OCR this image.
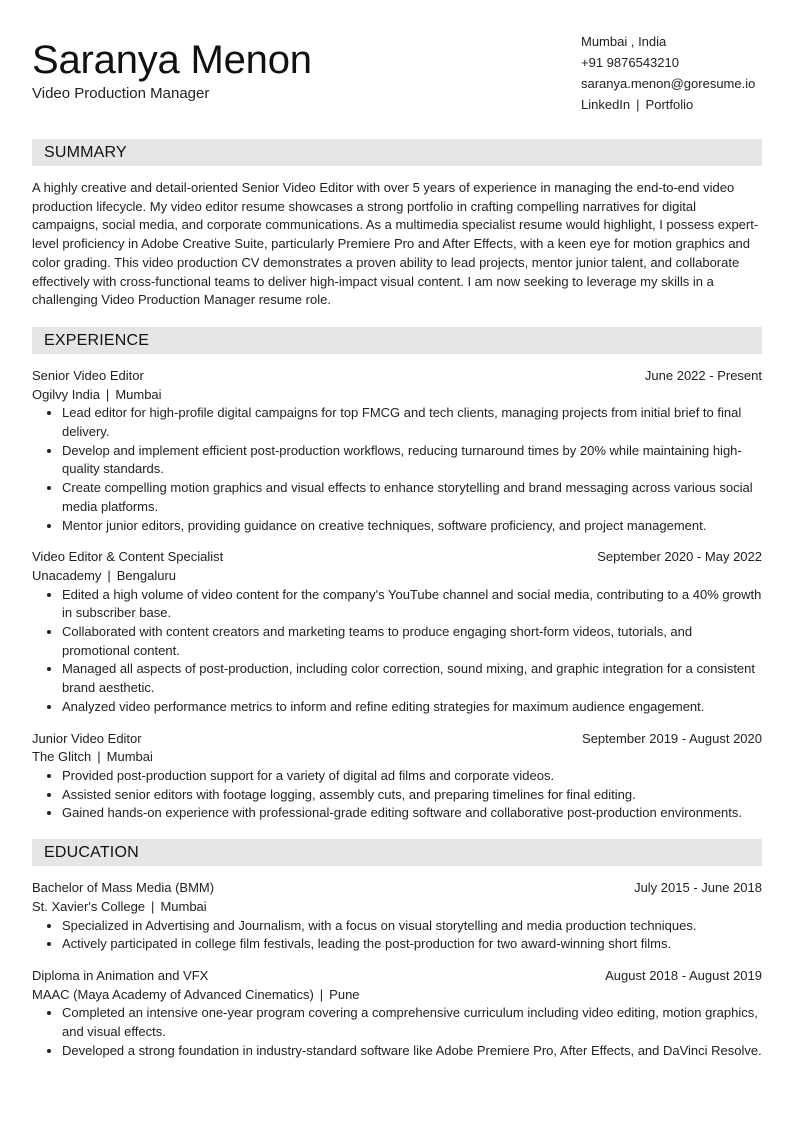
Saranya Menon
Video Production Manager
Mumbai , India
+91 9876543210
saranya.menon@goresume.io
LinkedIn | Portfolio
SUMMARY

A highly creative and detail-oriented Senior Video Editor with over 5 years of experience in managing the end-to-end video production lifecycle. My video editor resume showcases a strong portfolio in crafting compelling narratives for digital campaigns, social media, and corporate communications. As a multimedia specialist resume would highlight, I possess expert-level proficiency in Adobe Creative Suite, particularly Premiere Pro and After Effects, with a keen eye for motion graphics and color grading. This video production CV demonstrates a proven ability to lead projects, mentor junior talent, and collaborate effectively with cross-functional teams to deliver high-impact visual content. I am now seeking to leverage my skills in a challenging Video Production Manager resume role.

EXPERIENCE
Senior Video Editor	June 2022 - Present
Ogilvy India | Mumbai
• Lead editor for high-profile digital campaigns for top FMCG and tech clients, managing projects from initial brief to final delivery.
• Develop and implement efficient post-production workflows, reducing turnaround times by 20% while maintaining high-quality standards.
• Create compelling motion graphics and visual effects to enhance storytelling and brand messaging across various social media platforms.
• Mentor junior editors, providing guidance on creative techniques, software proficiency, and project management.
Video Editor & Content Specialist	September 2020 - May 2022
Unacademy | Bengaluru
• Edited a high volume of video content for the company's YouTube channel and social media, contributing to a 40% growth in subscriber base.
• Collaborated with content creators and marketing teams to produce engaging short-form videos, tutorials, and promotional content.
• Managed all aspects of post-production, including color correction, sound mixing, and graphic integration for a consistent brand aesthetic.
• Analyzed video performance metrics to inform and refine editing strategies for maximum audience engagement.
Junior Video Editor	September 2019 - August 2020
The Glitch | Mumbai
• Provided post-production support for a variety of digital ad films and corporate videos.
• Assisted senior editors with footage logging, assembly cuts, and preparing timelines for final editing.
• Gained hands-on experience with professional-grade editing software and collaborative post-production environments.
EDUCATION
Bachelor of Mass Media (BMM)	July 2015 - June 2018
St. Xavier's College | Mumbai
• Specialized in Advertising and Journalism, with a focus on visual storytelling and media production techniques.
• Actively participated in college film festivals, leading the post-production for two award-winning short films.
Diploma in Animation and VFX	August 2018 - August 2019
MAAC (Maya Academy of Advanced Cinematics) | Pune
• Completed an intensive one-year program covering a comprehensive curriculum including video editing, motion graphics, and visual effects.
• Developed a strong foundation in industry-standard software like Adobe Premiere Pro, After Effects, and DaVinci Resolve.
